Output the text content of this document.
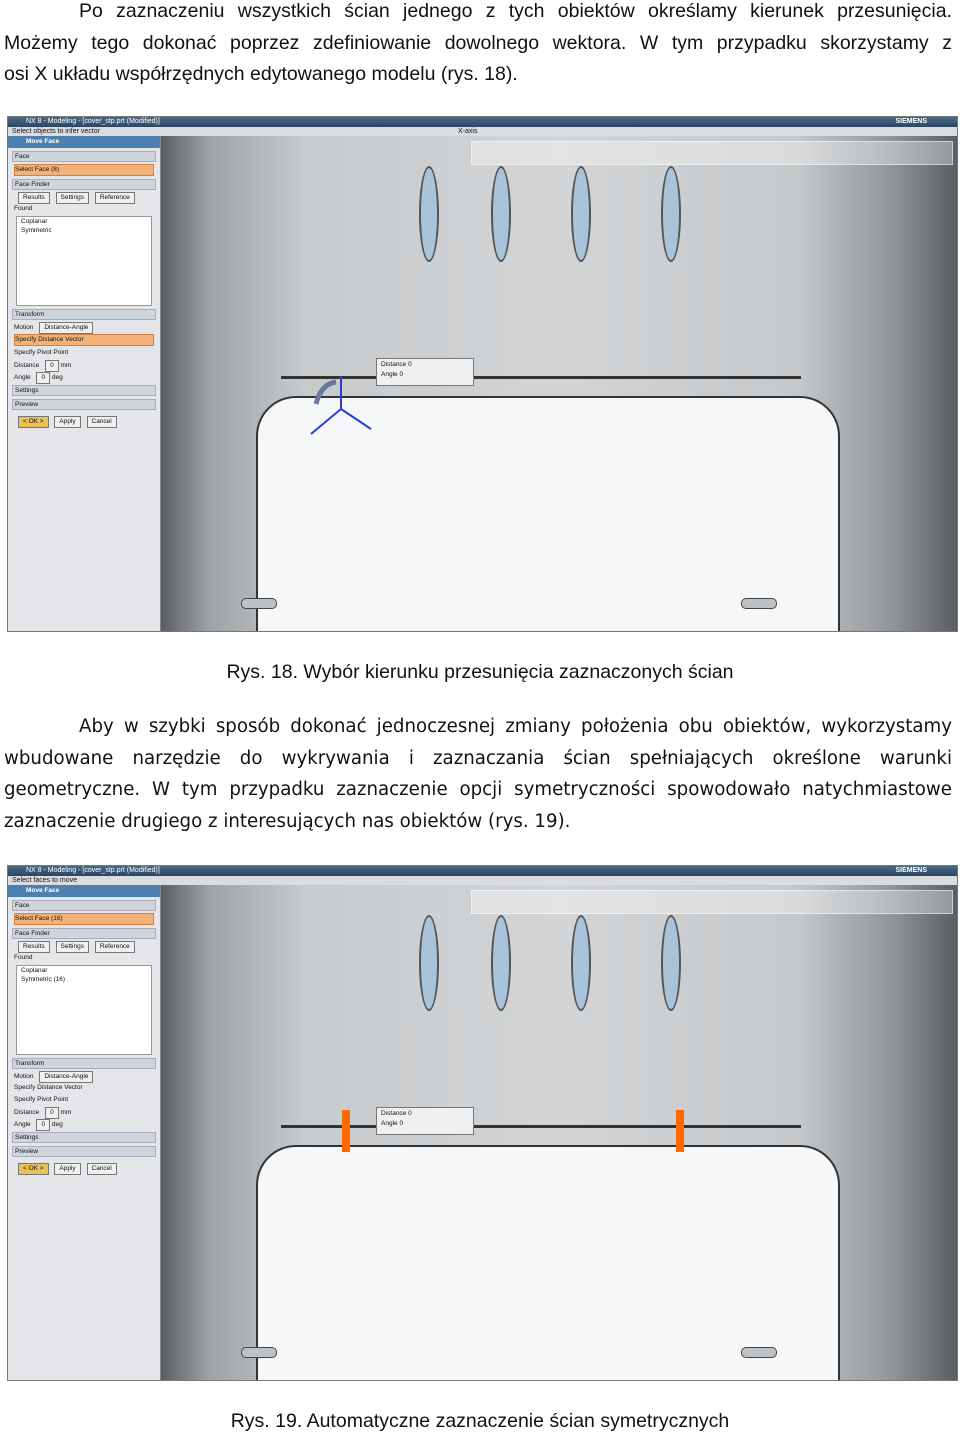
Po zaznaczeniu wszystkich ścian jednego z tych obiektów określamy kierunek przesunięcia.
Możemy tego dokonać poprzez zdefiniowanie dowolnego wektora. W tym przypadku skorzystamy z
osi X układu współrzędnych edytowanego modelu (rys. 18).
NX 8 - Modeling - [cover_stp.prt (Modified)]	SIEMENS
Select objects to infer vector	X-axis
Move Face
Face
Select Face (8)
Face Finder
Results Settings Reference
Found
Coplanar
Symmetric
Transform
Motion Distance-Angle
Specify Distance Vector
Specify Pivot Point
Distance 0 mm
Angle 0 deg
Settings
Preview
< OK > Apply Cancel
Distance 0
Angle 0
Rys. 18. Wybór kierunku przesunięcia zaznaczonych ścian
Aby w szybki sposób dokonać jednoczesnej zmiany położenia obu obiektów, wykorzystamy
wbudowane narzędzie do wykrywania i zaznaczania ścian spełniających określone warunki
geometryczne. W tym przypadku zaznaczenie opcji symetryczności spowodowało natychmiastowe
zaznaczenie drugiego z interesujących nas obiektów (rys. 19).
NX 8 - Modeling - [cover_stp.prt (Modified)]	SIEMENS
Select faces to move
Move Face
Face
Select Face (16)
Face Finder
Results Settings Reference
Found
Coplanar
Symmetric (16)
Transform
Motion Distance-Angle
Specify Distance Vector
Specify Pivot Point
Distance 0 mm
Angle 0 deg
Settings
Preview
< OK > Apply Cancel
Distance 0
Angle 0
Rys. 19. Automatyczne zaznaczenie ścian symetrycznych
